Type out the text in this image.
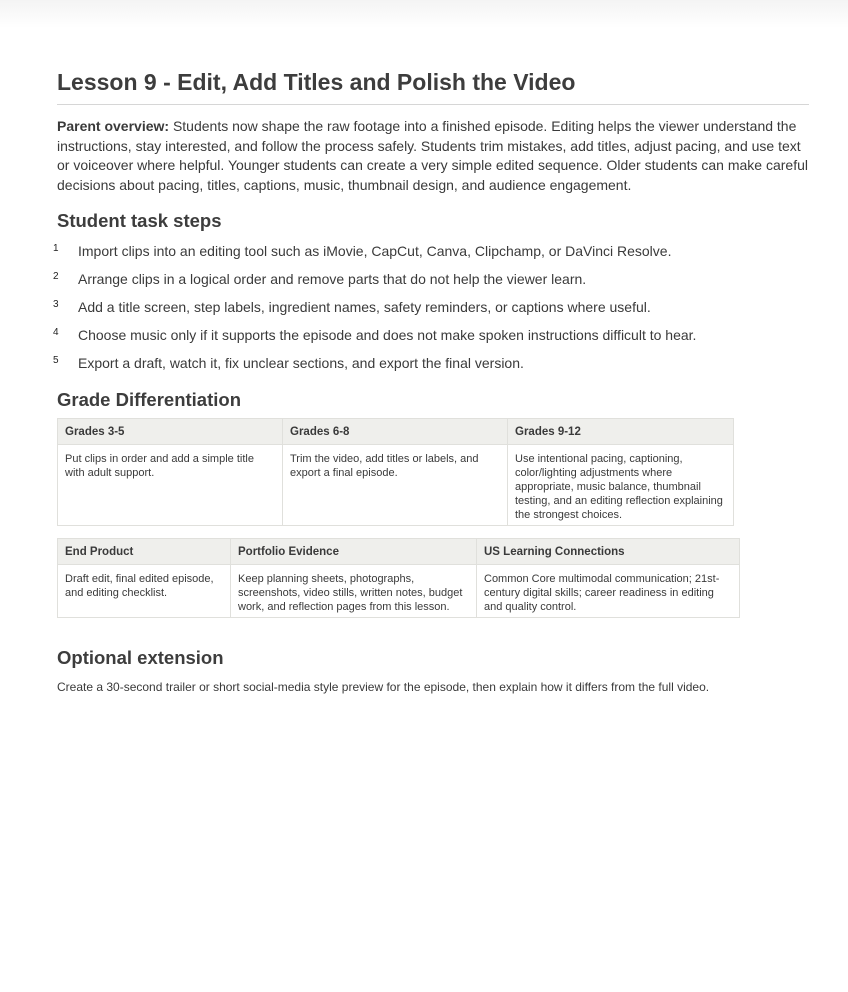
Lesson 9 - Edit, Add Titles and Polish the Video

Parent overview: Students now shape the raw footage into a finished episode. Editing helps the viewer understand the instructions, stay interested, and follow the process safely. Students trim mistakes, add titles, adjust pacing, and use text or voiceover where helpful. Younger students can create a very simple edited sequence. Older students can make careful decisions about pacing, titles, captions, music, thumbnail design, and audience engagement.

Student task steps
1 Import clips into an editing tool such as iMovie, CapCut, Canva, Clipchamp, or DaVinci Resolve.
2 Arrange clips in a logical order and remove parts that do not help the viewer learn.
3 Add a title screen, step labels, ingredient names, safety reminders, or captions where useful.
4 Choose music only if it supports the episode and does not make spoken instructions difficult to hear.
5 Export a draft, watch it, fix unclear sections, and export the final version.
Grade Differentiation
Grades 3-5	Grades 6-8	Grades 9-12
Put clips in order and add a simple title with adult support.	Trim the video, add titles or labels, and export a final episode.	Use intentional pacing, captioning, color/lighting adjustments where appropriate, music balance, thumbnail testing, and an editing reflection explaining the strongest choices.
End Product	Portfolio Evidence	US Learning Connections
Draft edit, final edited episode, and editing checklist.	Keep planning sheets, photographs, screenshots, video stills, written notes, budget work, and reflection pages from this lesson.	Common Core multimodal communication; 21st-century digital skills; career readiness in editing and quality control.
Optional extension

Create a 30-second trailer or short social-media style preview for the episode, then explain how it differs from the full video.
